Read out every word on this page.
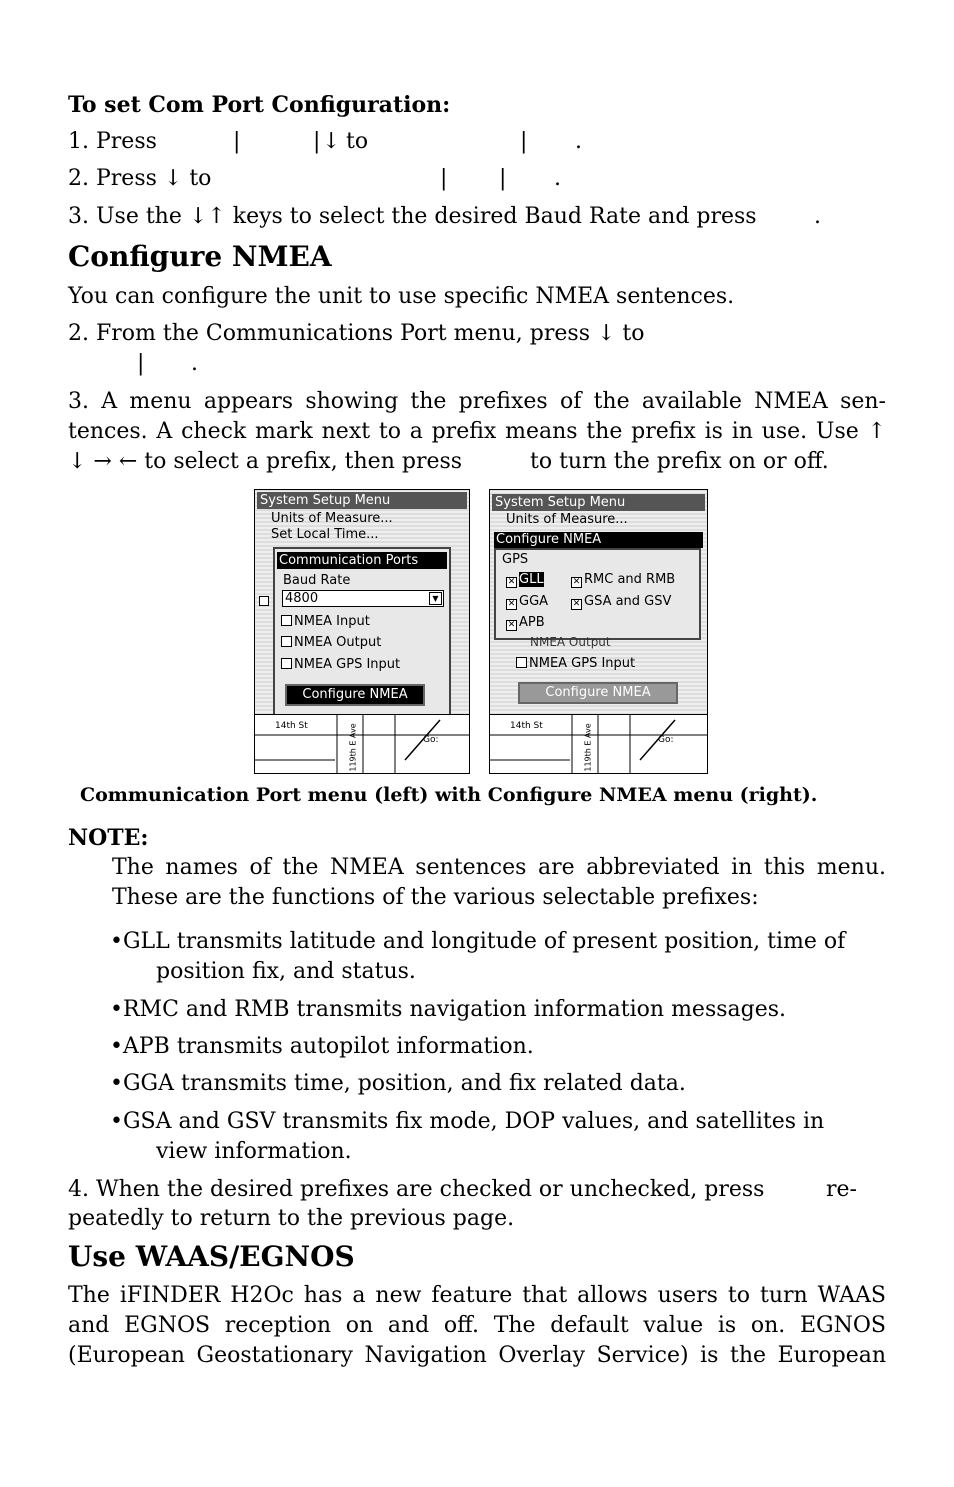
To set Com Port Configuration:
1. Press	|	| ↓ to	| .
2. Press ↓ to	| | .
3. Use the ↓↑ keys to select the desired Baud Rate and press	.
Configure NMEA
You can configure the unit to use specific NMEA sentences.
2. From the Communications Port menu, press ↓ to
| .
3. A menu appears showing the prefixes of the available NMEA sen-
tences. A check mark next to a prefix means the prefix is in use. Use ↑
↓ → ← to select a prefix, then press	to turn the prefix on or off.
System Setup Menu
Units of Measure...
Set Local Time...
Communication Ports
Baud Rate
4800	▼
NMEA Input
NMEA Output
NMEA GPS Input
Configure NMEA
14th St	119th E Ave	Go:
System Setup Menu
Units of Measure...
Configure NMEA
GPS
✕ GLL	✕ RMC and RMB
✕ GGA	✕ GSA and GSV
✕ APB
NMEA Output
NMEA GPS Input
Configure NMEA
14th St	119th E Ave	Go:
Communication Port menu (left) with Configure NMEA menu (right).
NOTE:
The names of the NMEA sentences are abbreviated in this menu.
These are the functions of the various selectable prefixes:
•GLL transmits latitude and longitude of present position, time of
position fix, and status.
•RMC and RMB transmits navigation information messages.
•APB transmits autopilot information.
•GGA transmits time, position, and fix related data.
•GSA and GSV transmits fix mode, DOP values, and satellites in
view information.
4. When the desired prefixes are checked or unchecked, press	re-
peatedly to return to the previous page.
Use WAAS/EGNOS
The iFINDER H2Oc has a new feature that allows users to turn WAAS
and EGNOS reception on and off. The default value is on. EGNOS
(European Geostationary Navigation Overlay Service) is the European
